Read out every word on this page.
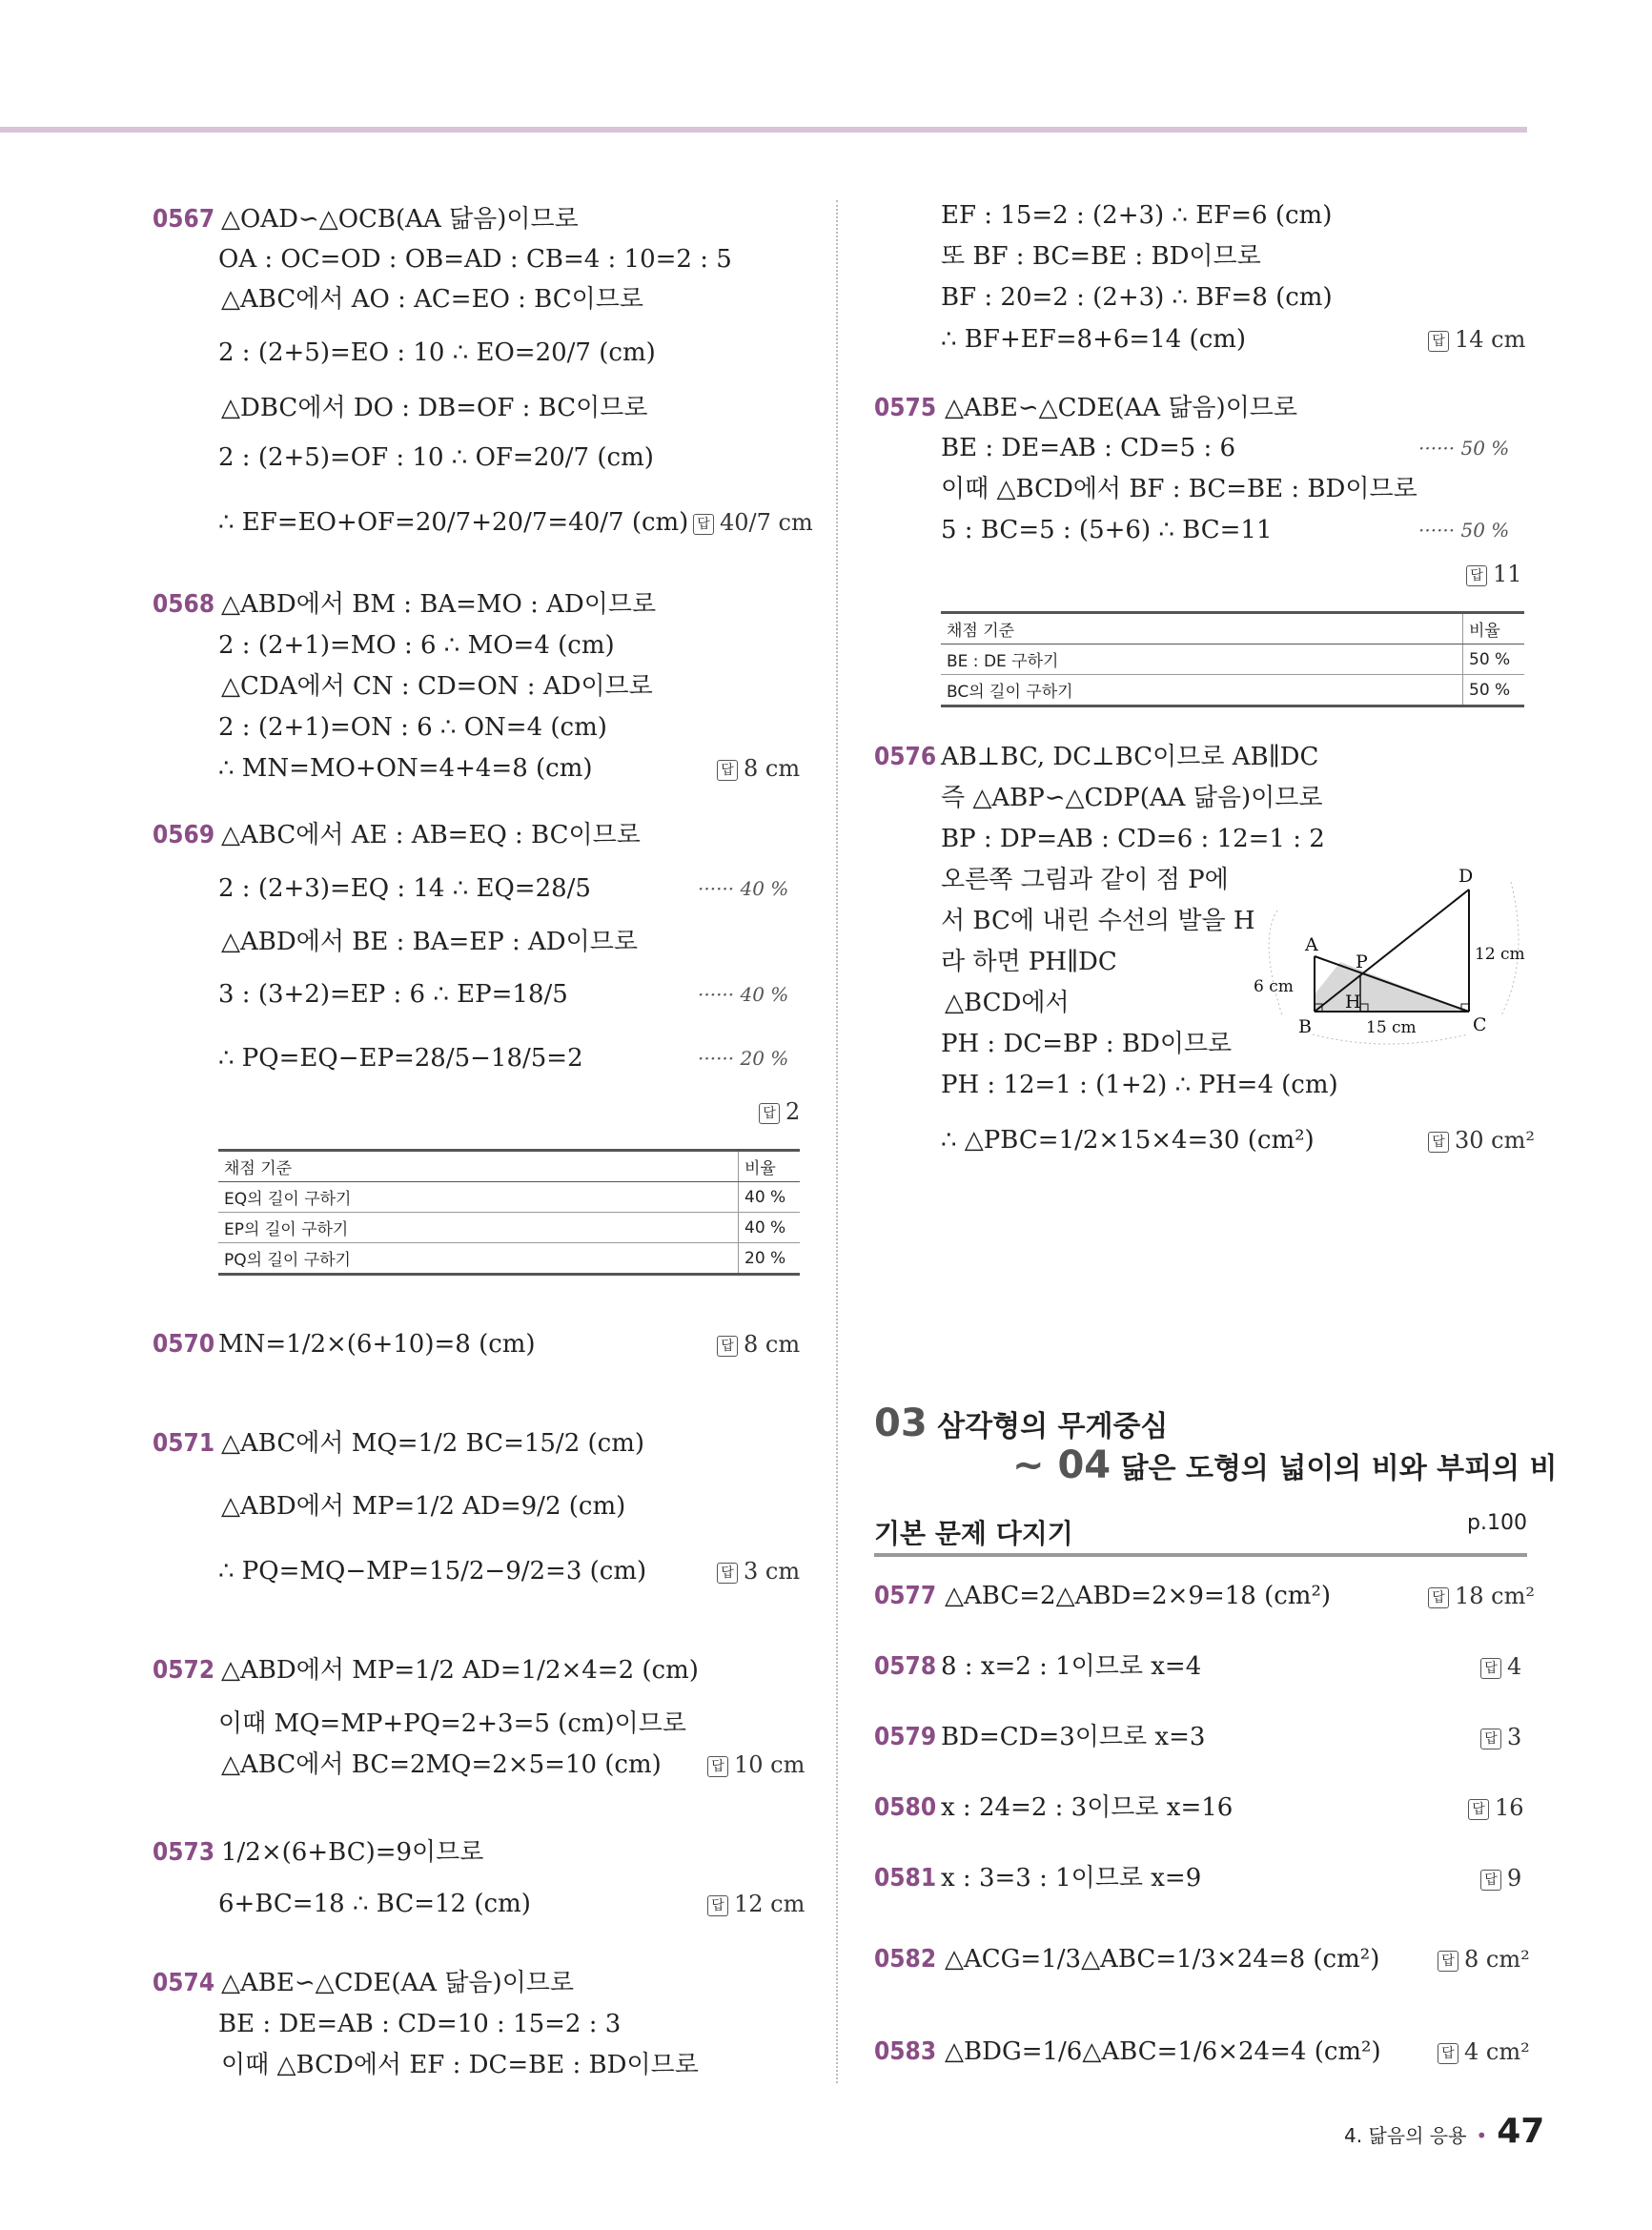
0567 △OAD∽△OCB(AA 닮음)이므로
OA : OC=OD : OB=AD : CB=4 : 10=2 : 5
△ABC에서 AO : AC=EO : BC이므로
2 : (2+5)=EO : 10 ∴ EO=20/7 (cm)
△DBC에서 DO : DB=OF : BC이므로
2 : (2+5)=OF : 10 ∴ OF=20/7 (cm)
∴ EF=EO+OF=20/7+20/7=40/7 (cm) 답 40/7 cm
0568 △ABD에서 BM : BA=MO : AD이므로
2 : (2+1)=MO : 6 ∴ MO=4 (cm)
△CDA에서 CN : CD=ON : AD이므로
2 : (2+1)=ON : 6 ∴ ON=4 (cm)
∴ MN=MO+ON=4+4=8 (cm)	답 8 cm
0569 △ABC에서 AE : AB=EQ : BC이므로
2 : (2+3)=EQ : 14 ∴ EQ=28/5	······ 40 %
△ABD에서 BE : BA=EP : AD이므로
3 : (3+2)=EP : 6 ∴ EP=18/5	······ 40 %
∴ PQ=EQ−EP=28/5−18/5=2	······ 20 %
답 2
채점 기준	비율
EQ의 길이 구하기	40 %
EP의 길이 구하기	40 %
PQ의 길이 구하기	20 %
0570 MN=1/2×(6+10)=8 (cm)	답 8 cm
0571 △ABC에서 MQ=1/2 BC=15/2 (cm)
△ABD에서 MP=1/2 AD=9/2 (cm)
∴ PQ=MQ−MP=15/2−9/2=3 (cm)	답 3 cm
0572 △ABD에서 MP=1/2 AD=1/2×4=2 (cm)
이때 MQ=MP+PQ=2+3=5 (cm)이므로
△ABC에서 BC=2MQ=2×5=10 (cm)	답 10 cm
0573 1/2×(6+BC)=9이므로
6+BC=18 ∴ BC=12 (cm)	답 12 cm
0574 △ABE∽△CDE(AA 닮음)이므로
BE : DE=AB : CD=10 : 15=2 : 3
이때 △BCD에서 EF : DC=BE : BD이므로
EF : 15=2 : (2+3) ∴ EF=6 (cm)
또 BF : BC=BE : BD이므로
BF : 20=2 : (2+3) ∴ BF=8 (cm)
∴ BF+EF=8+6=14 (cm)	답 14 cm
0575 △ABE∽△CDE(AA 닮음)이므로
BE : DE=AB : CD=5 : 6	······ 50 %
이때 △BCD에서 BF : BC=BE : BD이므로
5 : BC=5 : (5+6) ∴ BC=11	······ 50 %
답 11
채점 기준	비율
BE : DE 구하기	50 %
BC의 길이 구하기	50 %
0576 AB⊥BC, DC⊥BC이므로 AB∥DC
즉 △ABP∽△CDP(AA 닮음)이므로
BP : DP=AB : CD=6 : 12=1 : 2
오른쪽 그림과 같이 점 P에
서 BC에 내린 수선의 발을 H
라 하면 PH∥DC
△BCD에서
PH : DC=BP : BD이므로
PH : 12=1 : (1+2) ∴ PH=4 (cm)
∴ △PBC=1/2×15×4=30 (cm²)	답 30 cm²
A
B	C
D
P
H
6 cm
12 cm
15 cm
03 삼각형의 무게중심
~ 04 닮은 도형의 넓이의 비와 부피의 비
기본 문제 다지기	p.100
0577 △ABC=2△ABD=2×9=18 (cm²)	답 18 cm²
0578 8 : x=2 : 1이므로 x=4	답 4
0579 BD=CD=3이므로 x=3	답 3
0580 x : 24=2 : 3이므로 x=16	답 16
0581 x : 3=3 : 1이므로 x=9	답 9
0582 △ACG=1/3△ABC=1/3×24=8 (cm²)	답 8 cm²
0583 △BDG=1/6△ABC=1/6×24=4 (cm²)	답 4 cm²
4. 닮음의 응용 • 47
